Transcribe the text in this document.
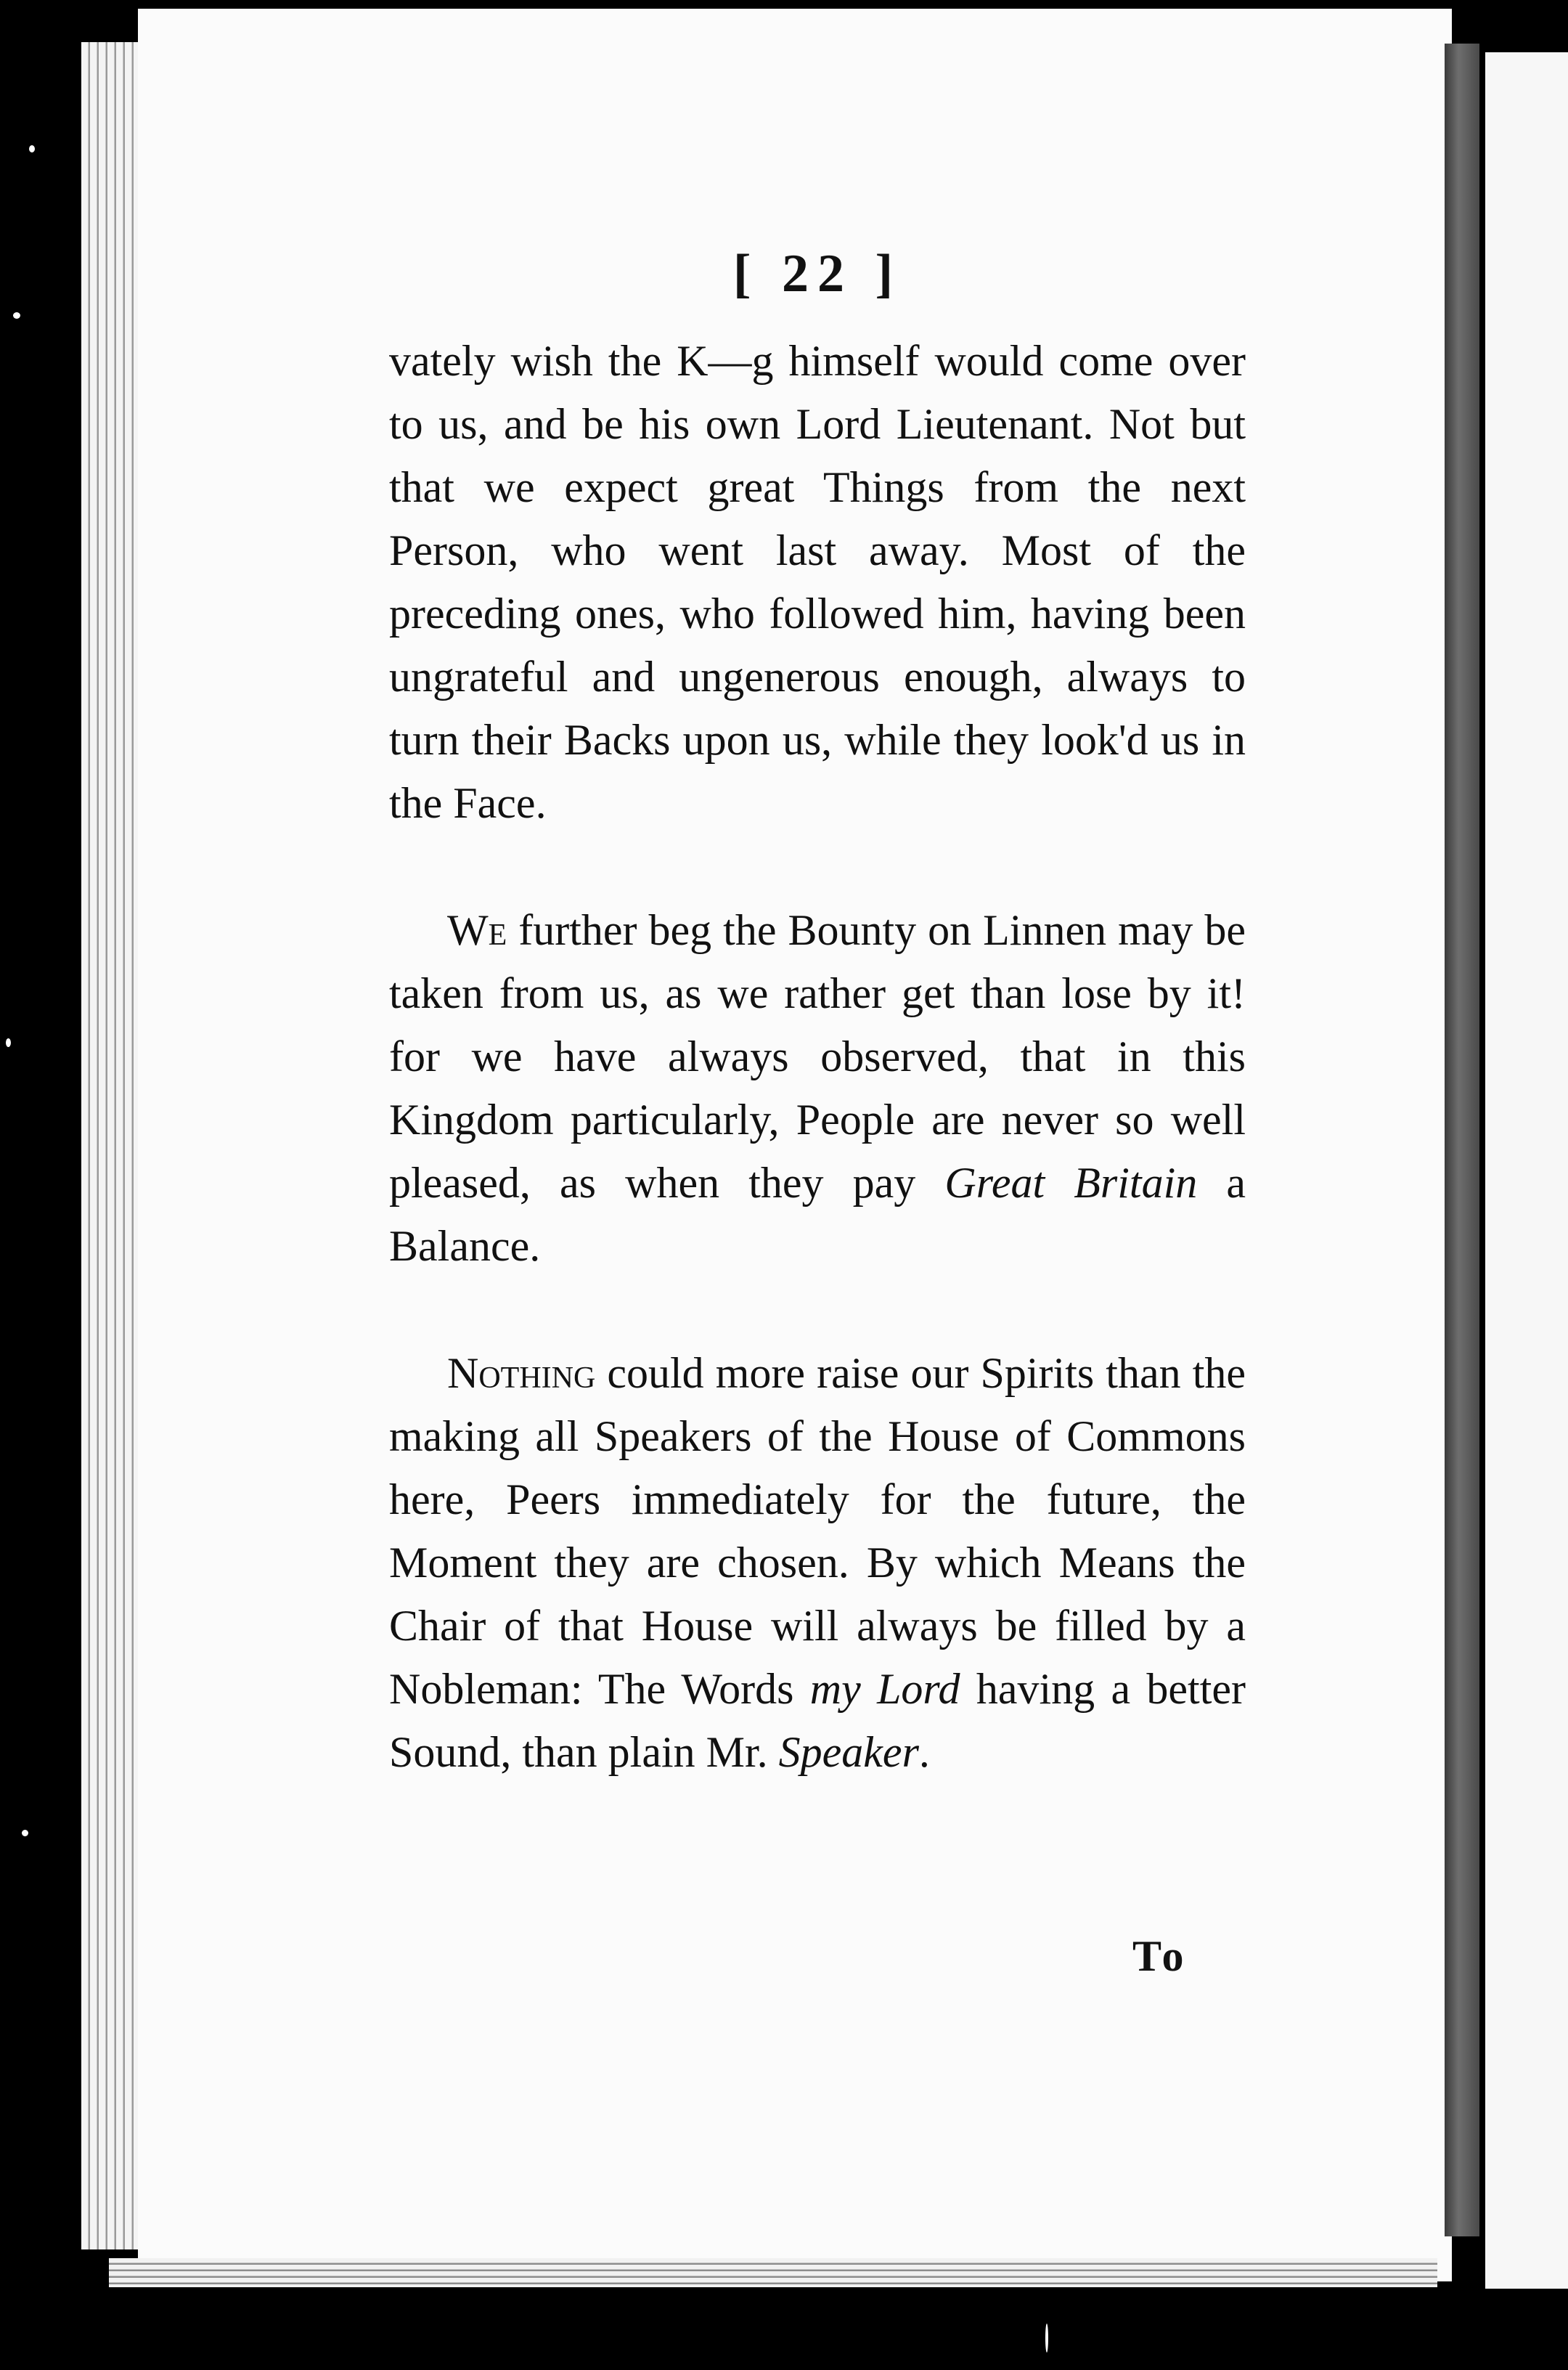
[ 22 ]

vately wish the K—g himself would come over to us, and be his own Lord Lieutenant. Not but that we expect great Things from the next Person, who went last away. Most of the preceding ones, who followed him, having been ungrateful and ungenerous enough, always to turn their Backs upon us, while they look'd us in the Face.

We further beg the Bounty on Linnen may be taken from us, as we rather get than lose by it! for we have always observed, that in this Kingdom particularly, People are never so well pleased, as when they pay Great Britain a Balance.

Nothing could more raise our Spirits than the making all Speakers of the House of Commons here, Peers immediately for the future, the Moment they are chosen. By which Means the Chair of that House will always be filled by a Nobleman: The Words my Lord having a better Sound, than plain Mr. Speaker.

To
